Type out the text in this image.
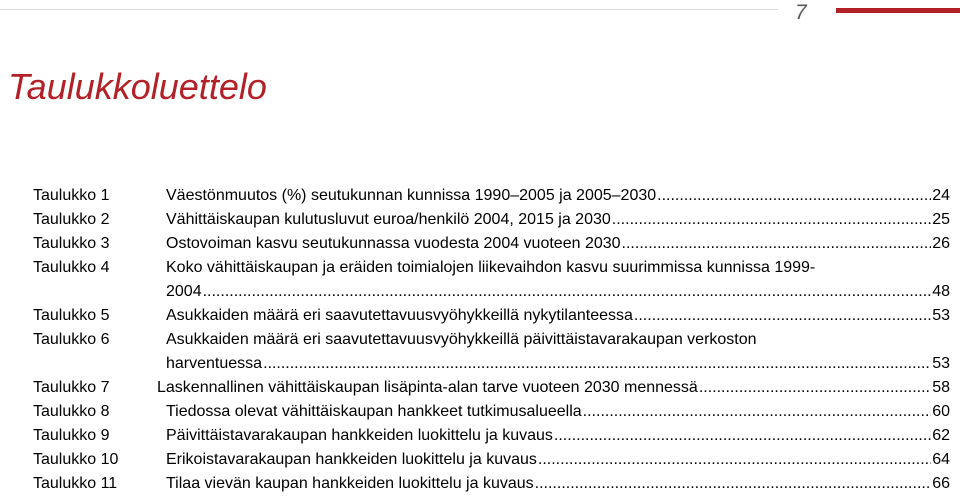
7
Taulukkoluettelo
Taulukko 1	Väestönmuutos (%) seutukunnan kunnissa 1990–2005 ja 2005–2030 .....	24
Taulukko 2	Vähittäiskaupan kulutusluvut euroa/henkilö 2004, 2015 ja 2030 .....	25
Taulukko 3	Ostovoiman kasvu seutukunnassa vuodesta 2004 vuoteen 2030 .....	26
Taulukko 4	Koko vähittäiskaupan ja eräiden toimialojen liikevaihdon kasvu suurimmissa kunnissa 1999-
2004 .....	48
Taulukko 5	Asukkaiden määrä eri saavutettavuusvyöhykkeillä nykytilanteessa .....	53
Taulukko 6	Asukkaiden määrä eri saavutettavuusvyöhykkeillä päivittäistavarakaupan verkoston
harventuessa .....	53
Taulukko 7	Laskennallinen vähittäiskaupan lisäpinta-alan tarve vuoteen 2030 mennessä .....	58
Taulukko 8	Tiedossa olevat vähittäiskaupan hankkeet tutkimusalueella .....	60
Taulukko 9	Päivittäistavarakaupan hankkeiden luokittelu ja kuvaus .....	62
Taulukko 10	Erikoistavarakaupan hankkeiden luokittelu ja kuvaus .....	64
Taulukko 11	Tilaa vievän kaupan hankkeiden luokittelu ja kuvaus .....	66
